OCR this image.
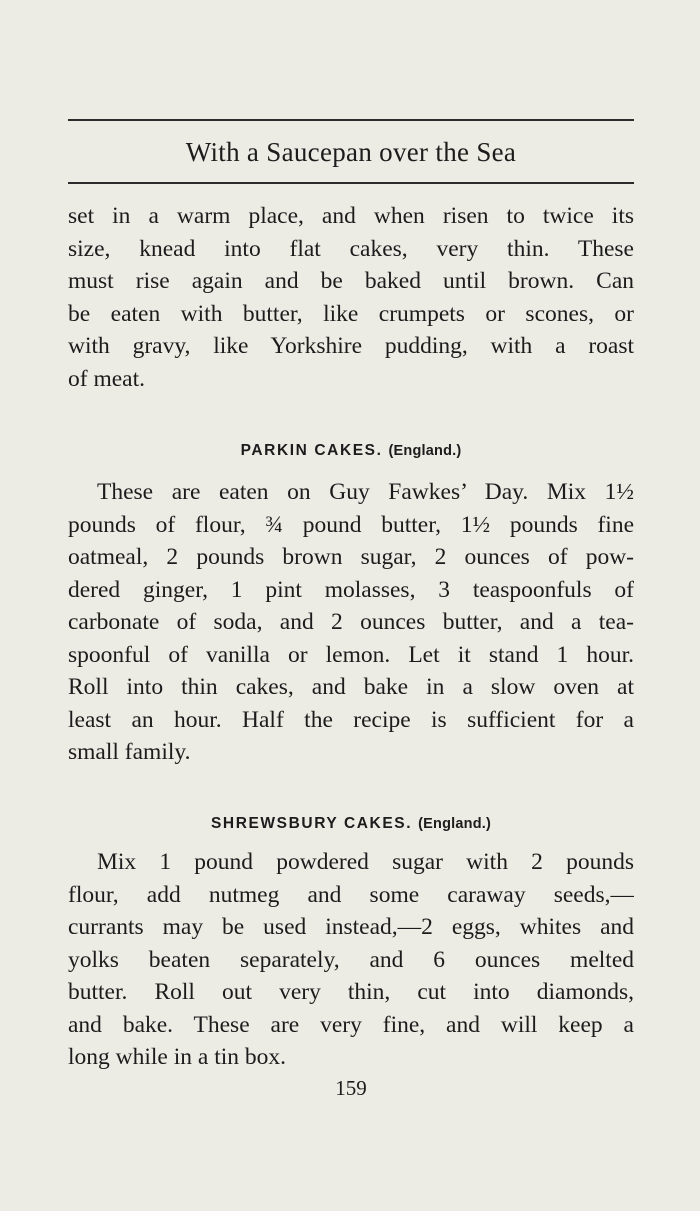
With a Saucepan over the Sea
set in a warm place, and when risen to twice its
size, knead into flat cakes, very thin. These
must rise again and be baked until brown. Can
be eaten with butter, like crumpets or scones, or
with gravy, like Yorkshire pudding, with a roast
of meat.
PARKIN CAKES. (England.)
These are eaten on Guy Fawkes’ Day. Mix 1½
pounds of flour, ¾ pound butter, 1½ pounds fine
oatmeal, 2 pounds brown sugar, 2 ounces of pow-
dered ginger, 1 pint molasses, 3 teaspoonfuls of
carbonate of soda, and 2 ounces butter, and a tea-
spoonful of vanilla or lemon. Let it stand 1 hour.
Roll into thin cakes, and bake in a slow oven at
least an hour. Half the recipe is sufficient for a
small family.
SHREWSBURY CAKES. (England.)
Mix 1 pound powdered sugar with 2 pounds
flour, add nutmeg and some caraway seeds,—
currants may be used instead,—2 eggs, whites and
yolks beaten separately, and 6 ounces melted
butter. Roll out very thin, cut into diamonds,
and bake. These are very fine, and will keep a
long while in a tin box.
159
